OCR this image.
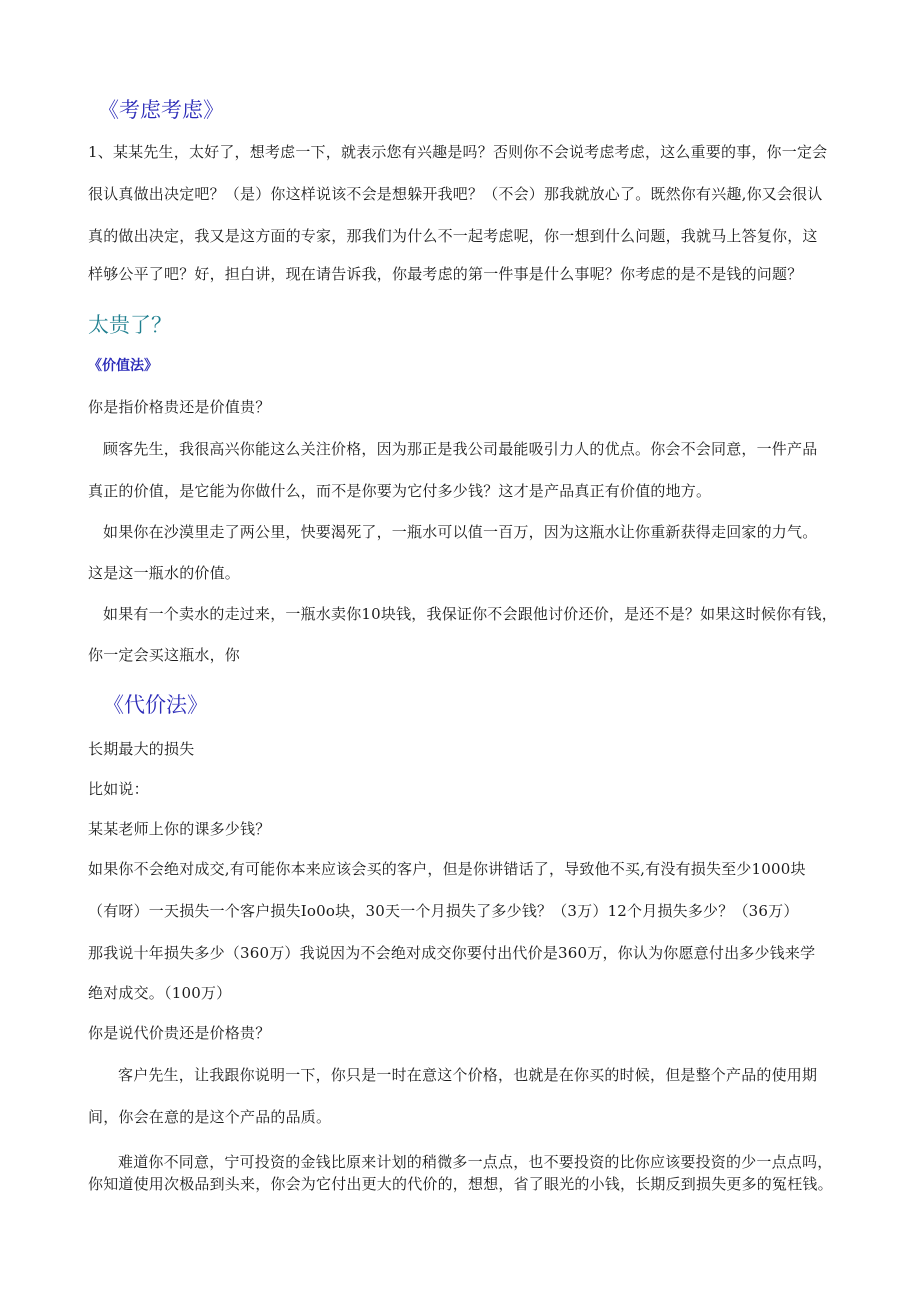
《考虑考虑》
1、某某先生，太好了，想考虑一下，就表示您有兴趣是吗？否则你不会说考虑考虑，这么重要的事，你一定会
很认真做出决定吧？（是）你这样说该不会是想躲开我吧？（不会）那我就放心了。既然你有兴趣,你又会很认
真的做出决定，我又是这方面的专家，那我们为什么不一起考虑呢，你一想到什么问题，我就马上答复你，这
样够公平了吧？好，担白讲，现在请告诉我，你最考虑的第一件事是什么事呢？你考虑的是不是钱的问题？
太贵了？
《价值法》
你是指价格贵还是价值贵？
顾客先生，我很高兴你能这么关注价格，因为那正是我公司最能吸引力人的优点。你会不会同意，一件产品
真正的价值，是它能为你做什么，而不是你要为它付多少钱？这才是产品真正有价值的地方。
如果你在沙漠里走了两公里，快要渴死了，一瓶水可以值一百万，因为这瓶水让你重新获得走回家的力气。
这是这一瓶水的价值。
如果有一个卖水的走过来，一瓶水卖你10块钱，我保证你不会跟他讨价还价，是还不是？如果这时候你有钱，
你一定会买这瓶水，你
《代价法》
长期最大的损失
比如说：
某某老师上你的课多少钱？
如果你不会绝对成交,有可能你本来应该会买的客户，但是你讲错话了，导致他不买,有没有损失至少1000块
（有呀）一天损失一个客户损失Io0o块，30天一个月损失了多少钱？（3万）12个月损失多少？（36万）
那我说十年损失多少（360万）我说因为不会绝对成交你要付出代价是360万，你认为你愿意付出多少钱来学
绝对成交。（100万）
你是说代价贵还是价格贵？
客户先生，让我跟你说明一下，你只是一时在意这个价格，也就是在你买的时候，但是整个产品的使用期
间，你会在意的是这个产品的品质。
难道你不同意，宁可投资的金钱比原来计划的稍微多一点点，也不要投资的比你应该要投资的少一点点吗，
你知道使用次极品到头来，你会为它付出更大的代价的，想想，省了眼光的小钱，长期反到损失更多的冤枉钱。
